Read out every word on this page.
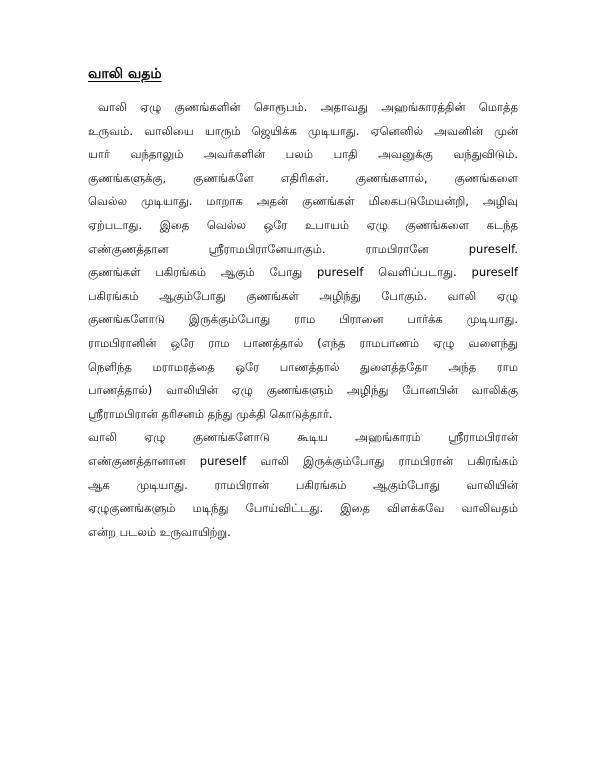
வாலி வதம்
வாலி ஏழு குணங்களின் சொரூபம். அதாவது அஹங்காரத்தின் மொத்த
உருவம். வாலியை யாரும் ஜெயிக்க முடியாது. ஏனெனில் அவனின் முன்
யார் வந்தாலும் அவர்களின் பலம் பாதி அவனுக்கு வந்துவிடும்.
குணங்களுக்கு, குணங்களே எதிரிகள். குணங்களால், குணங்களை
வெல்ல முடியாது. மாறாக அதன் குணங்கள் மிகைபடுமேயன்றி, அழிவு
ஏற்படாது. இதை வெல்ல ஒரே உபாயம் ஏழு குணங்களை கடந்த
எண்குணத்தான ஸ்ரீராமபிரானேயாகும். ராமபிரானே pureself.
குணங்கள் பகிரங்கம் ஆகும் போது pureself வெளிப்படாது. pureself
பகிரங்கம் ஆகும்போது குணங்கள் அழிந்து போகும். வாலி ஏழு
குணங்களோடு இருக்கும்போது ராம பிரானை பார்க்க முடியாது.
ராமபிரானின் ஒரே ராம பாணத்தால் (எந்த ராமபாணம் ஏழு வளைந்து
நெளிந்த மராமரத்தை ஒரே பாணத்தால் துளைத்ததோ அந்த ராம
பாணத்தால்) வாலியின் ஏழு குணங்களும் அழிந்து போனபின் வாலிக்கு
ஸ்ரீராமபிரான் தரிசனம் தந்து முக்தி கொடுத்தார்.
வாலி ஏழு குணங்களோடு கூடிய அஹங்காரம் ஸ்ரீராமபிரான்
எண்குணத்தானான pureself வாலி இருக்கும்போது ராமபிரான் பகிரங்கம்
ஆக முடியாது. ராமபிரான் பகிரங்கம் ஆகும்போது வாலியின்
ஏழுகுணங்களும் மடிந்து போய்விட்டது. இதை விளக்கவே வாலிவதம்
என்ற படலம் உருவாயிற்று.
